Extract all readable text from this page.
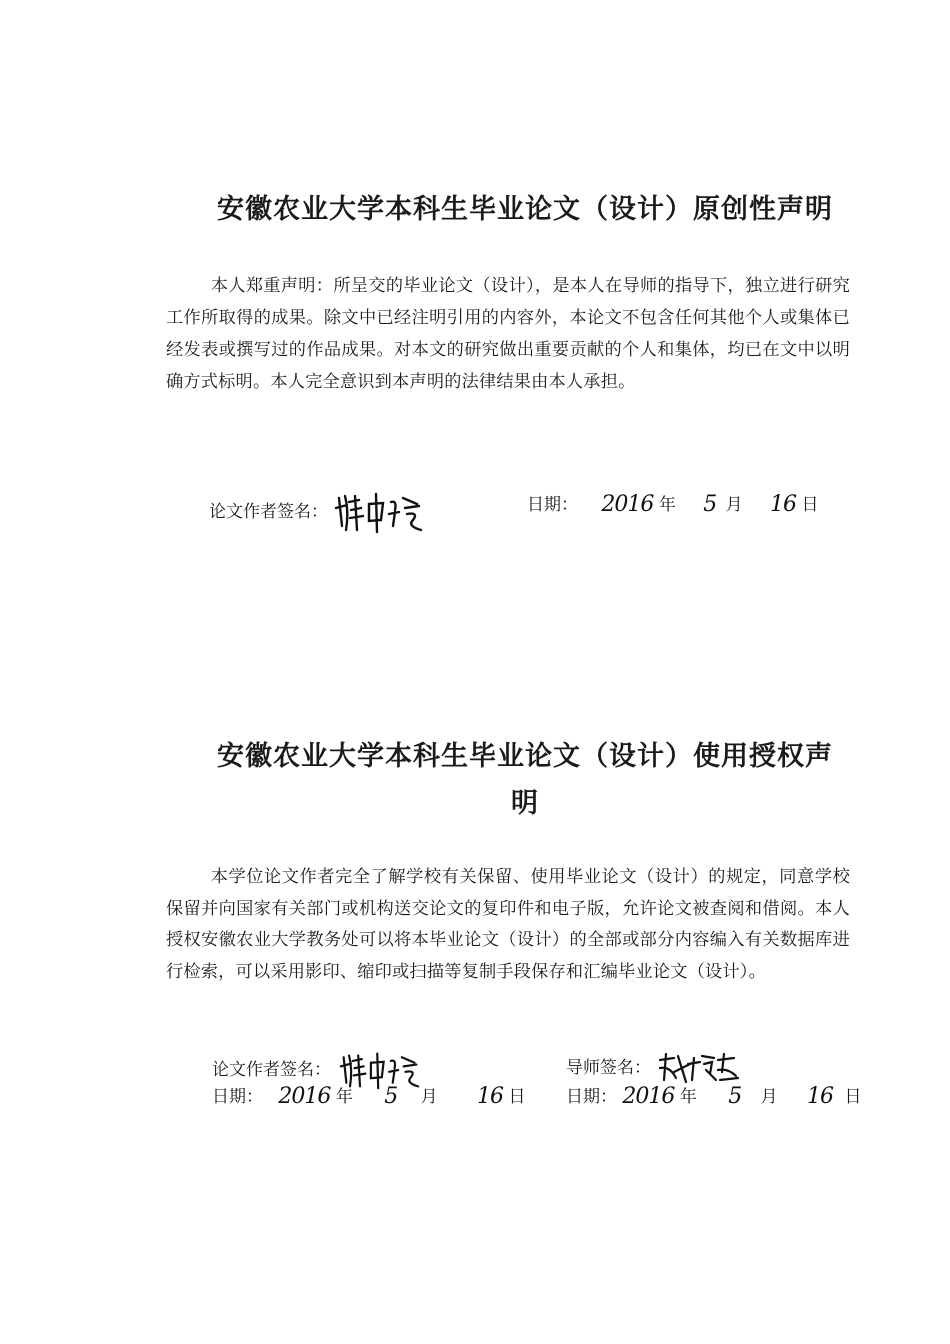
安徽农业大学本科生毕业论文（设计）原创性声明
本人郑重声明：所呈交的毕业论文（设计），是本人在导师的指导下，独立进行研究工作所取得的成果。除文中已经注明引用的内容外，本论文不包含任何其他个人或集体已经发表或撰写过的作品成果。对本文的研究做出重要贡献的个人和集体，均已在文中以明确方式标明。本人完全意识到本声明的法律结果由本人承担。
论文作者签名：	日期： 2016 年 5 月 16 日
安徽农业大学本科生毕业论文（设计）使用授权声
明
本学位论文作者完全了解学校有关保留、使用毕业论文（设计）的规定，同意学校保留并向国家有关部门或机构送交论文的复印件和电子版，允许论文被查阅和借阅。本人授权安徽农业大学教务处可以将本毕业论文（设计）的全部或部分内容编入有关数据库进行检索，可以采用影印、缩印或扫描等复制手段保存和汇编毕业论文（设计）。
论文作者签名：	导师签名：
日期： 2016 年 5 月 16 日 日期： 2016 年 5 月 16 日
